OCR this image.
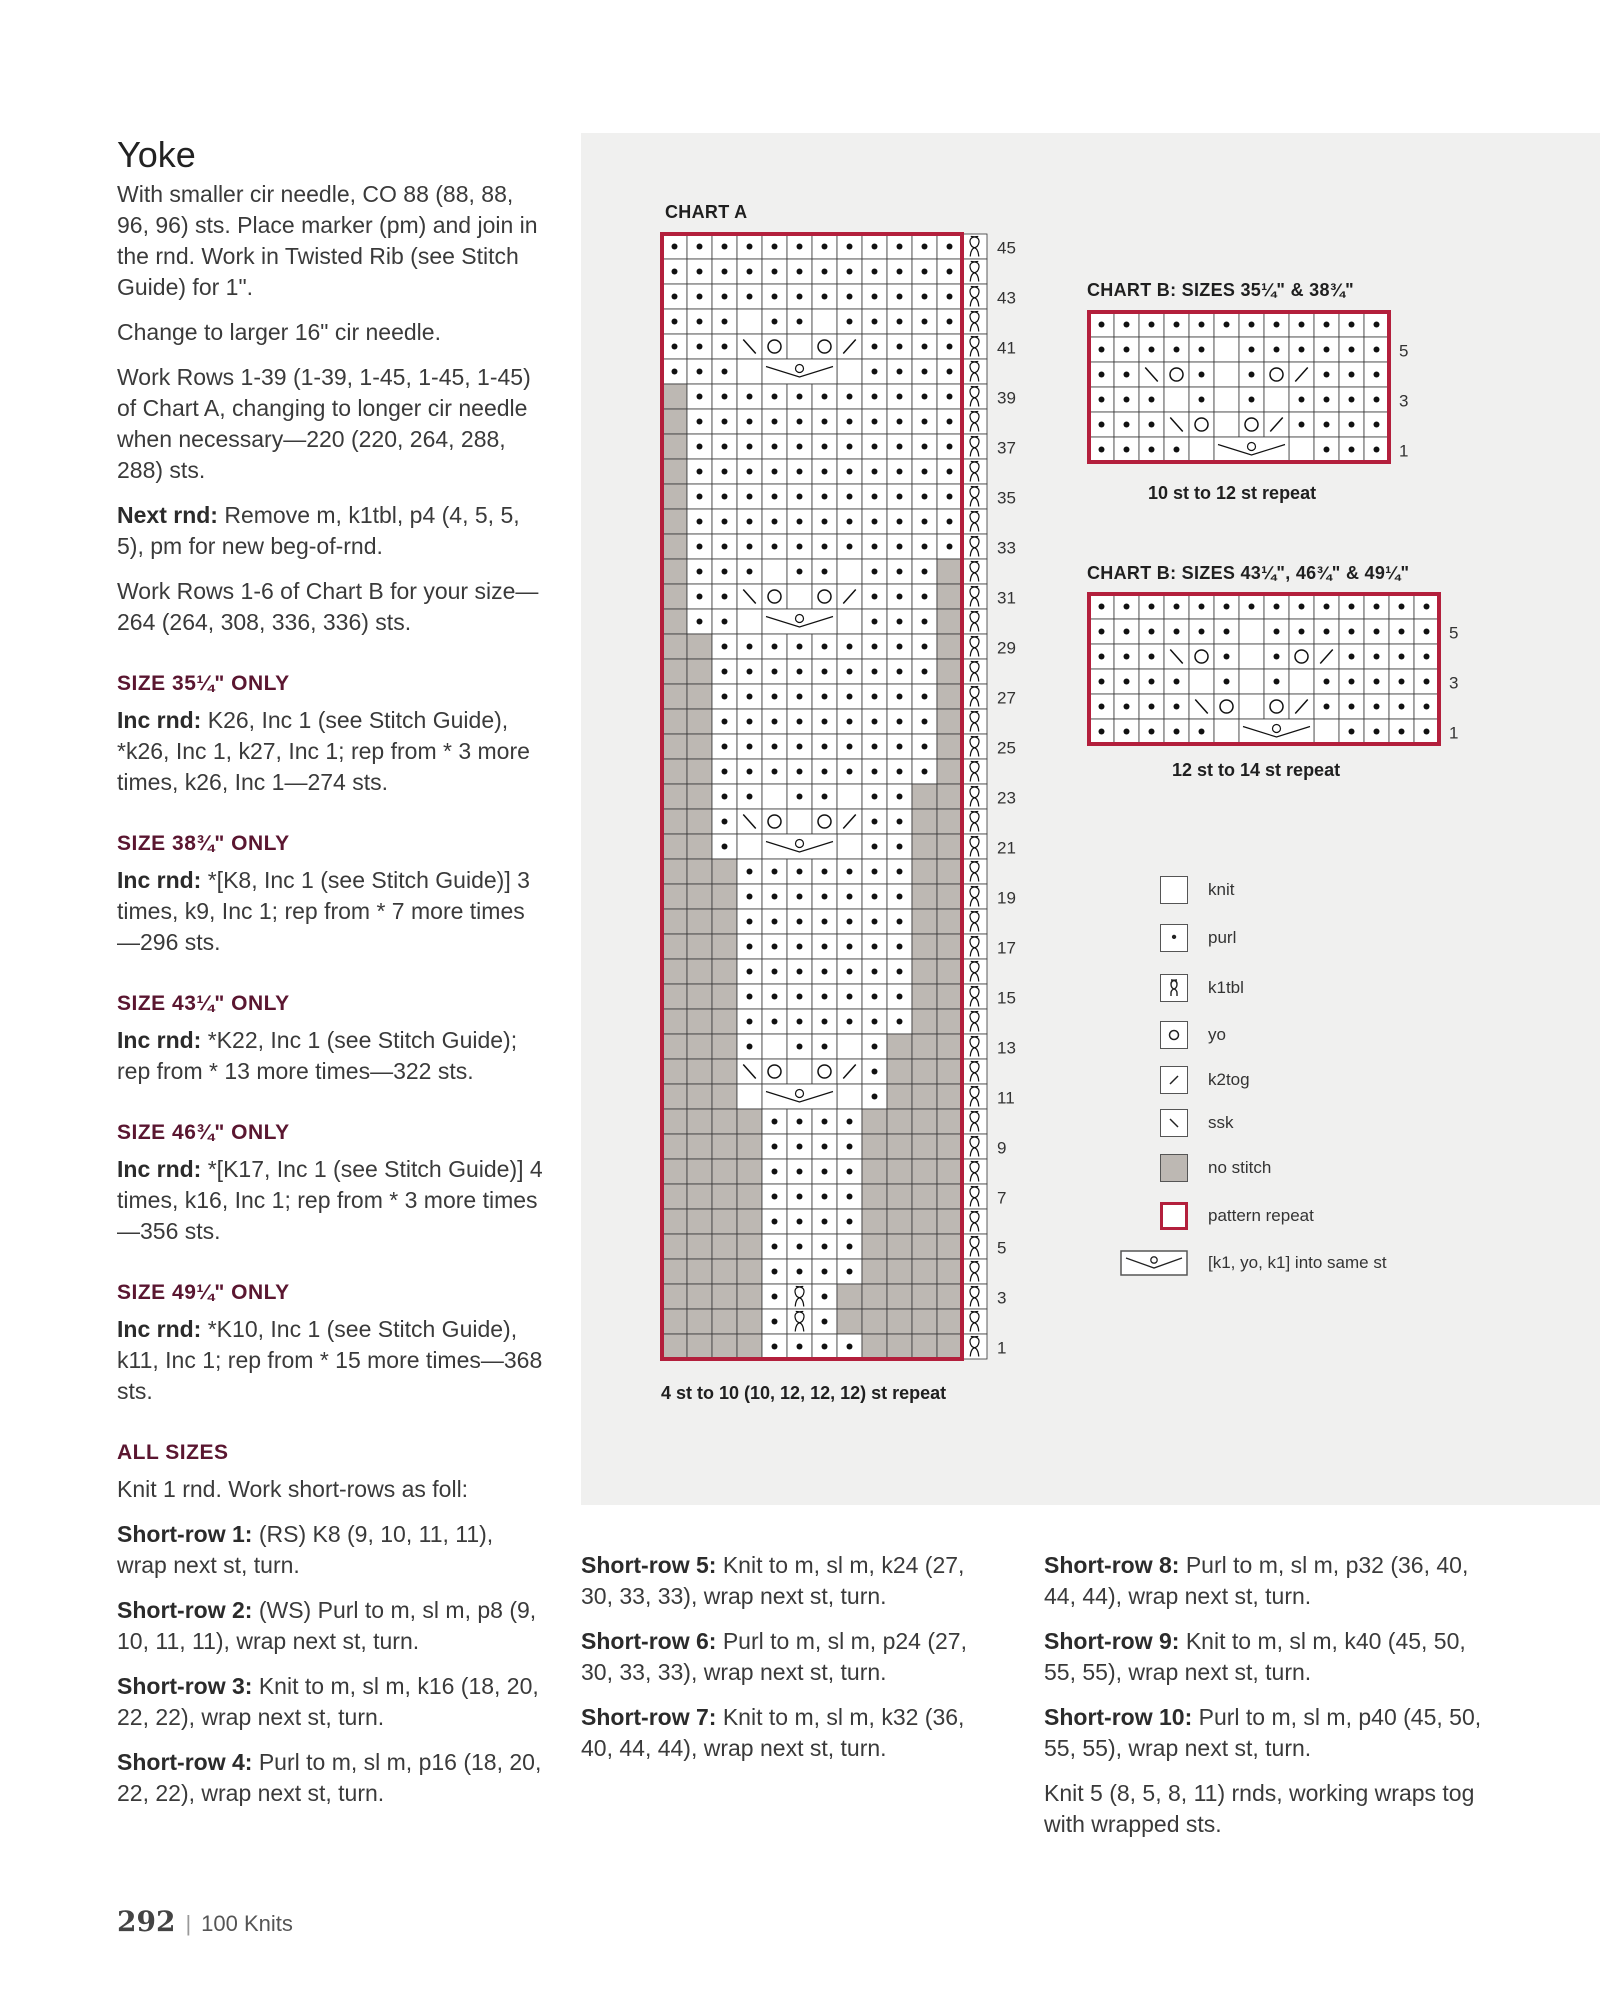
Yoke

With smaller cir needle, CO 88 (88, 88, 96, 96) sts. Place marker (pm) and join in the rnd. Work in Twisted Rib (see Stitch Guide) for 1".

Change to larger 16" cir needle.

Work Rows 1-39 (1-39, 1-45, 1-45, 1-45) of Chart A, changing to longer cir needle when necessary—220 (220, 264, 288, 288) sts.

Next rnd: Remove m, k1tbl, p4 (4, 5, 5, 5), pm for new beg-of-rnd.

Work Rows 1-6 of Chart B for your size—264 (264, 308, 336, 336) sts.

SIZE 35¼" ONLY

Inc rnd: K26, Inc 1 (see Stitch Guide), *k26, Inc 1, k27, Inc 1; rep from * 3 more times, k26, Inc 1—274 sts.

SIZE 38¾" ONLY

Inc rnd: *[K8, Inc 1 (see Stitch Guide)] 3 times, k9, Inc 1; rep from * 7 more times—296 sts.

SIZE 43¼" ONLY

Inc rnd: *K22, Inc 1 (see Stitch Guide); rep from * 13 more times—322 sts.

SIZE 46¾" ONLY

Inc rnd: *[K17, Inc 1 (see Stitch Guide)] 4 times, k16, Inc 1; rep from * 3 more times—356 sts.

SIZE 49¼" ONLY

Inc rnd: *K10, Inc 1 (see Stitch Guide), k11, Inc 1; rep from * 15 more times—368 sts.

ALL SIZES

Knit 1 rnd. Work short-rows as foll:

Short-row 1: (RS) K8 (9, 10, 11, 11), wrap next st, turn.

Short-row 2: (WS) Purl to m, sl m, p8 (9, 10, 11, 11), wrap next st, turn.

Short-row 3: Knit to m, sl m, k16 (18, 20, 22, 22), wrap next st, turn.

Short-row 4: Purl to m, sl m, p16 (18, 20, 22, 22), wrap next st, turn.

CHART A
45
43
41
39
37
35
33
31
29
27
25
23
21
19
17
15
13
11
9
7
5
3
1
4 st to 10 (10, 12, 12, 12) st repeat
CHART B: SIZES 35¼" & 38¾"
5
3
1
10 st to 12 st repeat
CHART B: SIZES 43¼", 46¾" & 49¼"
5
3
1
12 st to 14 st repeat
knit
•	purl
k1tbl
yo
k2tog
ssk
no stitch
pattern repeat
[k1, yo, k1] into same st

Short-row 5: Knit to m, sl m, k24 (27, 30, 33, 33), wrap next st, turn.

Short-row 6: Purl to m, sl m, p24 (27, 30, 33, 33), wrap next st, turn.

Short-row 7: Knit to m, sl m, k32 (36, 40, 44, 44), wrap next st, turn.

Short-row 8: Purl to m, sl m, p32 (36, 40, 44, 44), wrap next st, turn.

Short-row 9: Knit to m, sl m, k40 (45, 50, 55, 55), wrap next st, turn.

Short-row 10: Purl to m, sl m, p40 (45, 50, 55, 55), wrap next st, turn.

Knit 5 (8, 5, 8, 11) rnds, working wraps tog with wrapped sts.

292 | 100 Knits
